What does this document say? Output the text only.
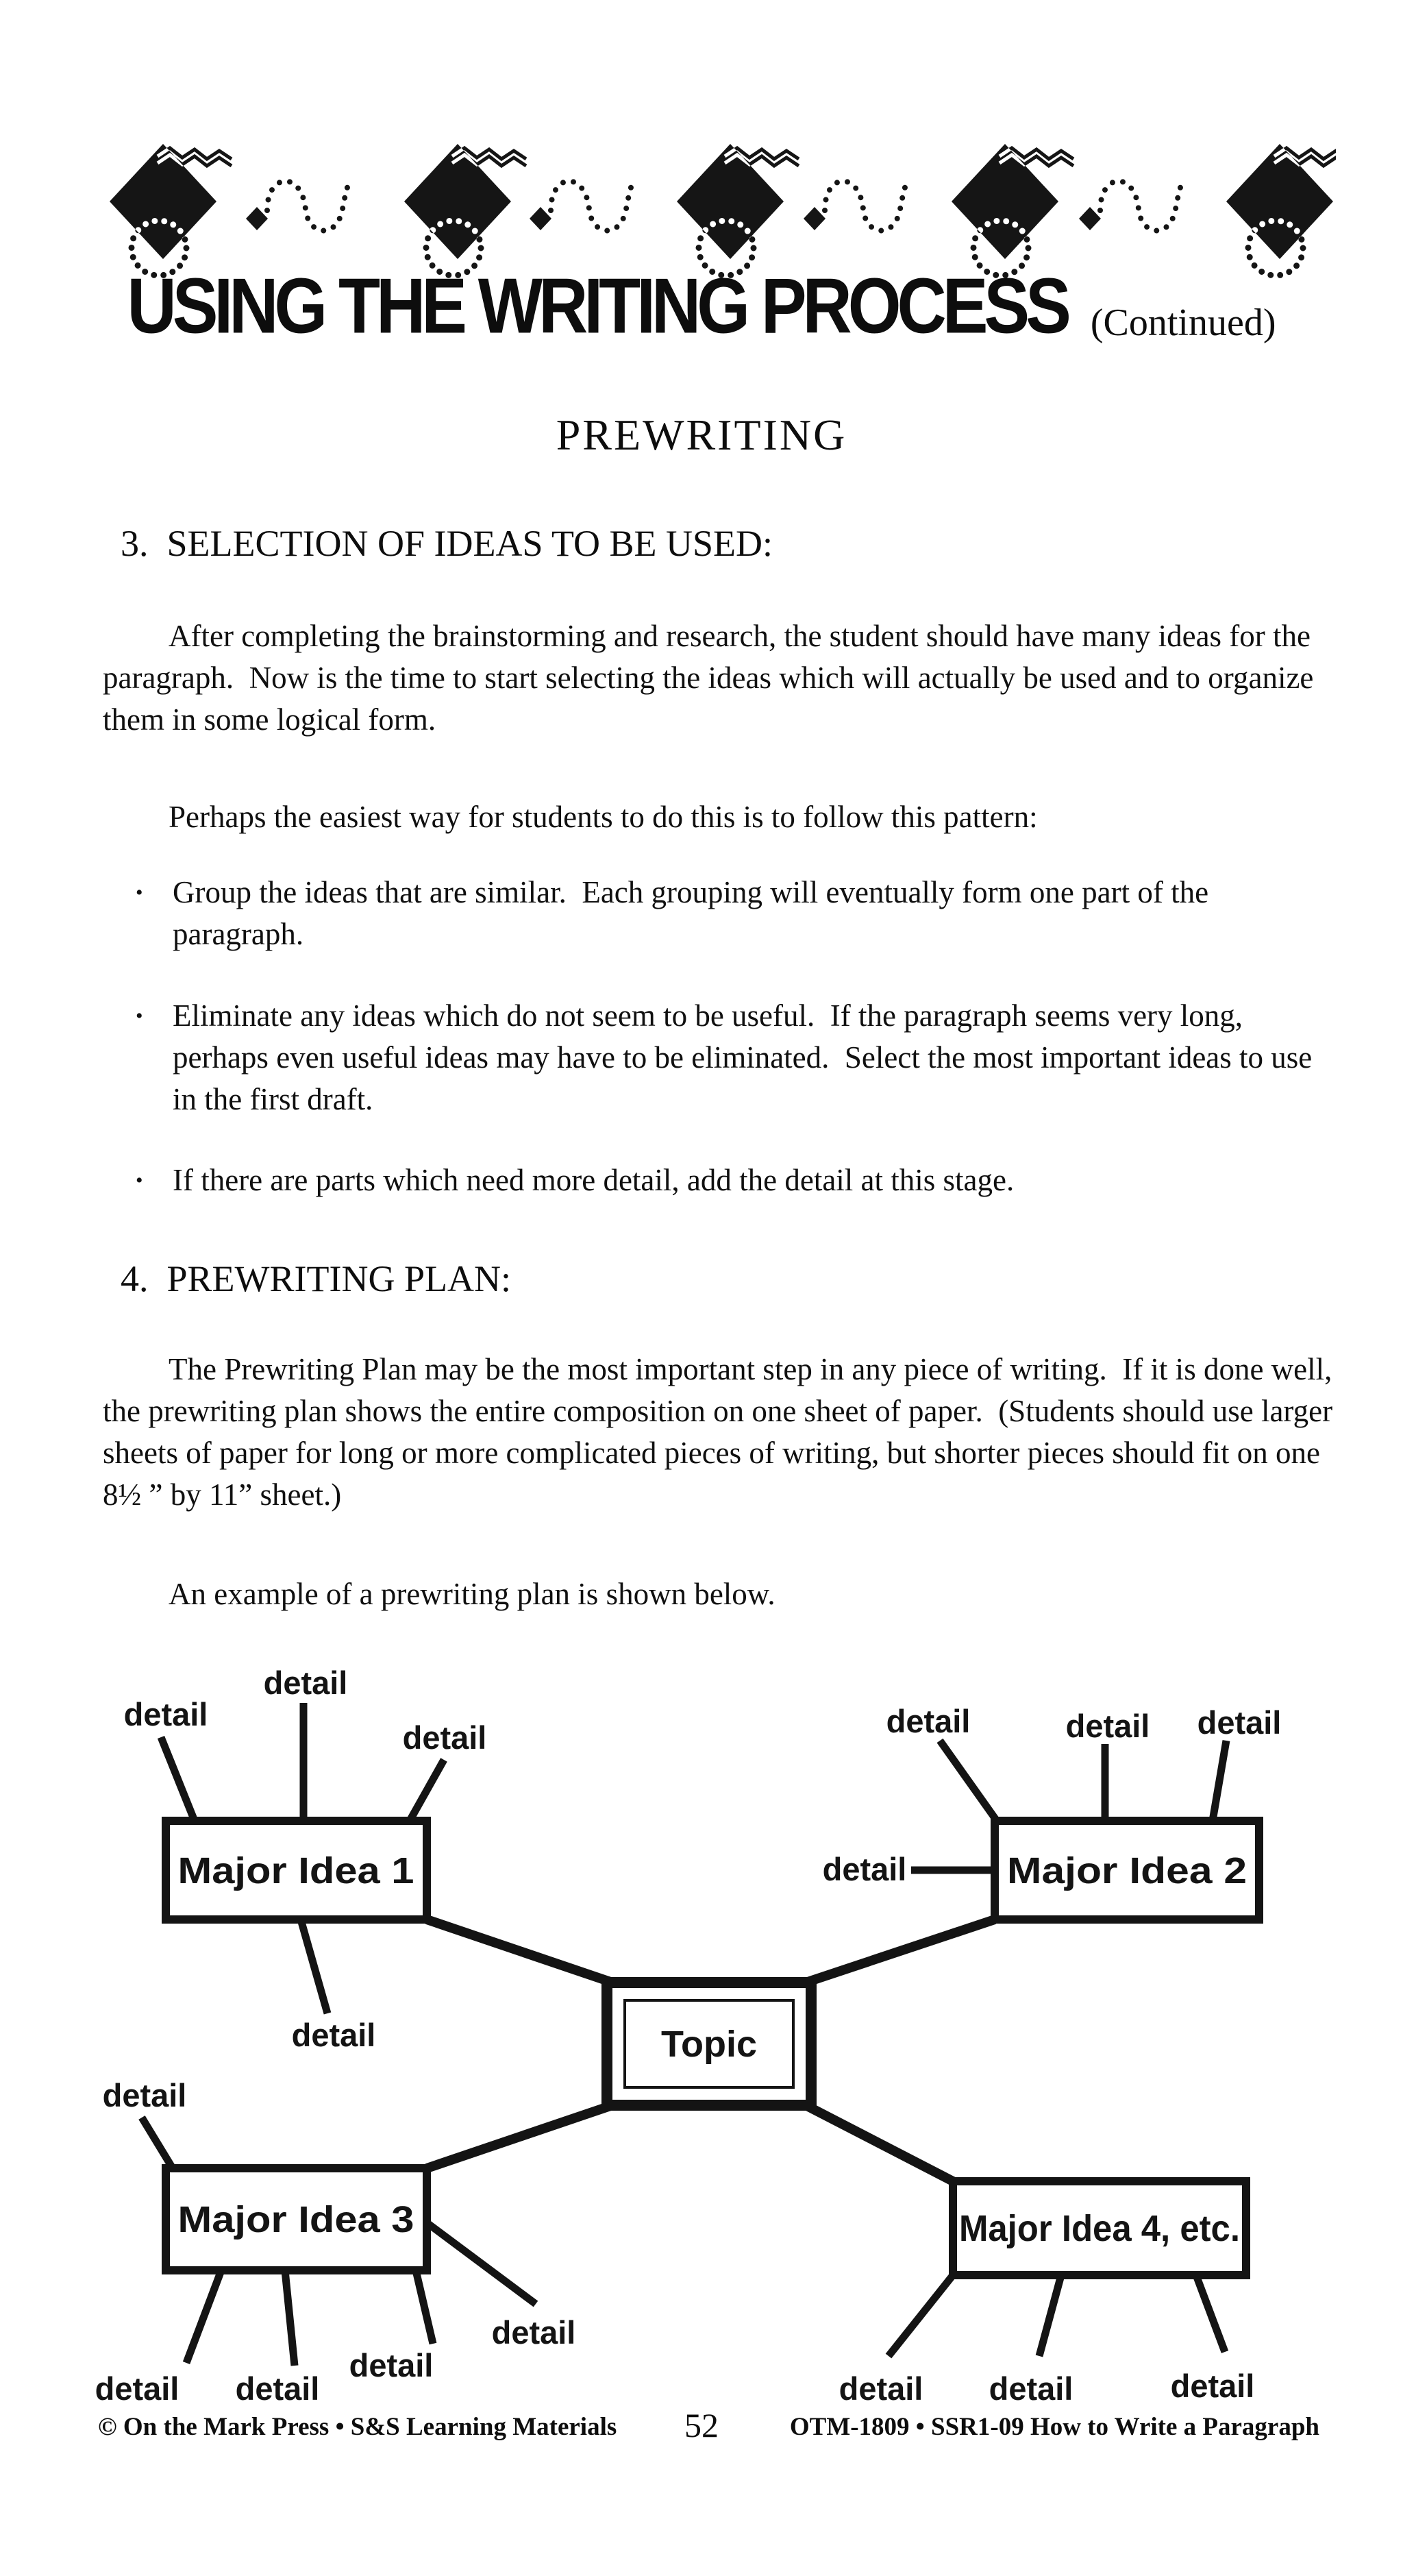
USING THE WRITING PROCESS (Continued)
PREWRITING
3.  SELECTION OF IDEAS TO BE USED:
After completing the brainstorming and research, the student should have many ideas for the paragraph.  Now is the time to start selecting the ideas which will actually be used and to organize them in some logical form.
Perhaps the easiest way for students to do this is to follow this pattern:
• Group the ideas that are similar.  Each grouping will eventually form one part of the paragraph.
• Eliminate any ideas which do not seem to be useful.  If the paragraph seems very long, perhaps even useful ideas may have to be eliminated.  Select the most important ideas to use in the first draft.
• If there are parts which need more detail, add the detail at this stage.
4.  PREWRITING PLAN:
The Prewriting Plan may be the most important step in any piece of writing.  If it is done well, the prewriting plan shows the entire composition on one sheet of paper.  (Students should use larger sheets of paper for long or more complicated pieces of writing, but shorter pieces should fit on one 8½ ” by 11” sheet.)
An example of a prewriting plan is shown below.
Major Idea 1	Major Idea 2
Major Idea 3	Major Idea 4, etc.
Topic
detail
detail
detail
detail
detail	detail detail
detail
detail
detail
detail detail
detail
detail detail	detail
© On the Mark Press • S&S Learning Materials 52	OTM-1809 • SSR1-09 How to Write a Paragraph
